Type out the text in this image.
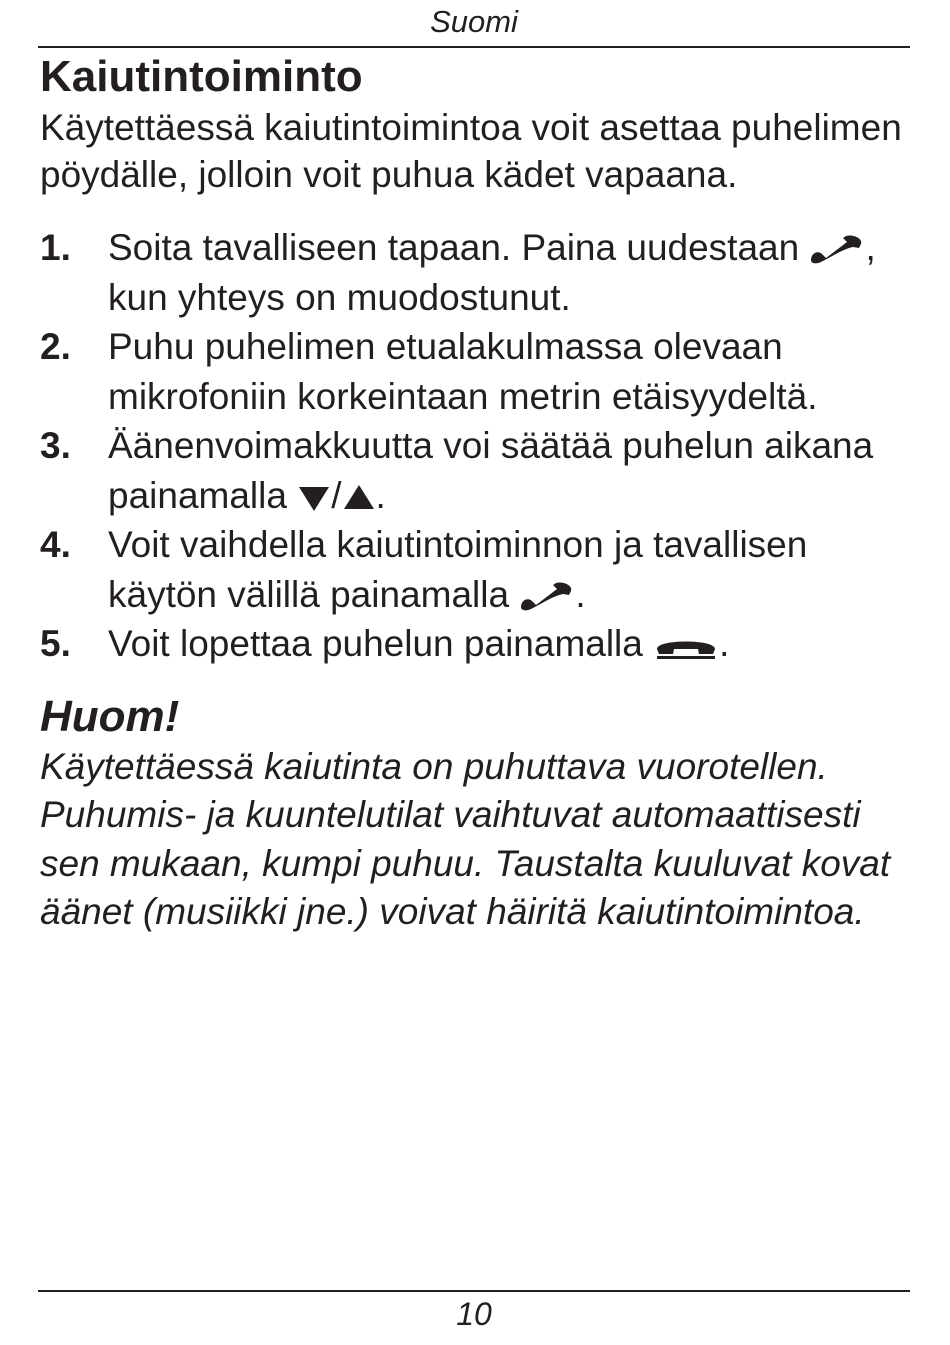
Suomi
Kaiutintoiminto

Käytettäessä kaiutintoimintoa voit asettaa puhelimen pöydälle, jolloin voit puhua kädet vapaana.

1. Soita tavalliseen tapaan. Paina uudestaan , kun yhteys on muodostunut.
2. Puhu puhelimen etualakulmassa olevaan mikrofoniin korkeintaan metrin etäisyydeltä.
3. Äänenvoimakkuutta voi säätää puhelun aikana painamalla / .
4. Voit vaihdella kaiutintoiminnon ja tavallisen käytön välillä painamalla .
5. Voit lopettaa puhelun painamalla .
Huom!

Käytettäessä kaiutinta on puhuttava vuorotellen. Puhumis- ja kuuntelutilat vaihtuvat automaattisesti sen mukaan, kumpi puhuu. Taustalta kuuluvat kovat äänet (musiikki jne.) voivat häiritä kaiutintoimintoa.

10
